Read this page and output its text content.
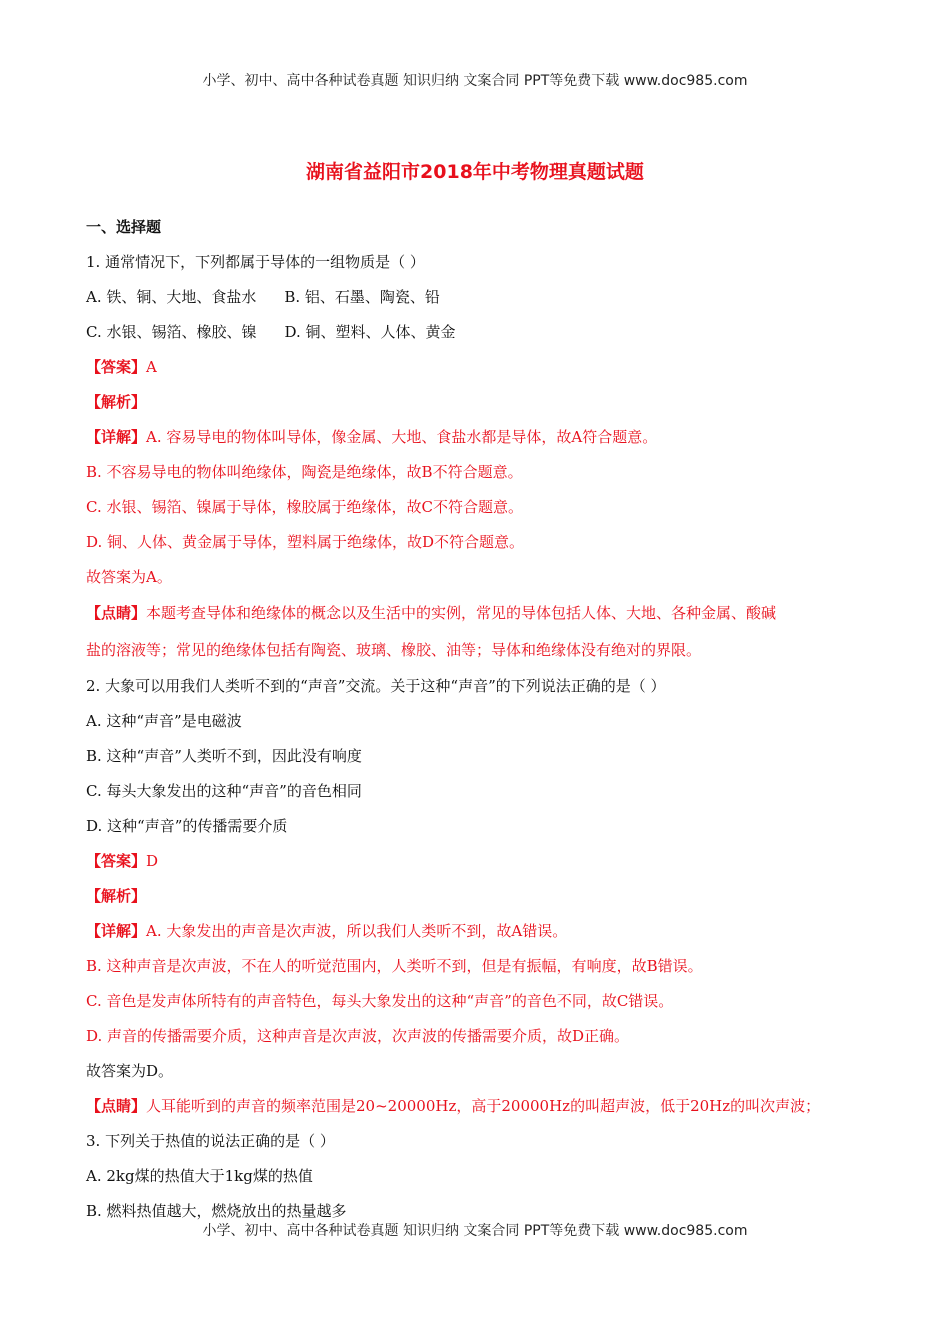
小学、初中、高中各种试卷真题 知识归纳 文案合同 PPT等免费下载 www.doc985.com
湖南省益阳市2018年中考物理真题试题
一、选择题
1. 通常情况下，下列都属于导体的一组物质是（ ）
A. 铁、铜、大地、食盐水 B. 铝、石墨、陶瓷、铅
C. 水银、锡箔、橡胶、镍 D. 铜、塑料、人体、黄金
【答案】A
【解析】
【详解】A. 容易导电的物体叫导体，像金属、大地、食盐水都是导体，故A符合题意。
B. 不容易导电的物体叫绝缘体，陶瓷是绝缘体，故B不符合题意。
C. 水银、锡箔、镍属于导体，橡胶属于绝缘体，故C不符合题意。
D. 铜、人体、黄金属于导体，塑料属于绝缘体，故D不符合题意。
故答案为A。
【点睛】本题考查导体和绝缘体的概念以及生活中的实例，常见的导体包括人体、大地、各种金属、酸碱
盐的溶液等；常见的绝缘体包括有陶瓷、玻璃、橡胶、油等；导体和绝缘体没有绝对的界限。
2. 大象可以用我们人类听不到的“声音”交流。关于这种“声音”的下列说法正确的是（ ）
A. 这种“声音”是电磁波
B. 这种“声音”人类听不到，因此没有响度
C. 每头大象发出的这种“声音”的音色相同
D. 这种“声音”的传播需要介质
【答案】D
【解析】
【详解】A. 大象发出的声音是次声波，所以我们人类听不到，故A错误。
B. 这种声音是次声波，不在人的听觉范围内，人类听不到，但是有振幅，有响度，故B错误。
C. 音色是发声体所特有的声音特色，每头大象发出的这种“声音”的音色不同，故C错误。
D. 声音的传播需要介质，这种声音是次声波，次声波的传播需要介质，故D正确。
故答案为D。
【点睛】人耳能听到的声音的频率范围是20~20000Hz，高于20000Hz的叫超声波，低于20Hz的叫次声波；
3. 下列关于热值的说法正确的是（ ）
A. 2kg煤的热值大于1kg煤的热值
B. 燃料热值越大，燃烧放出的热量越多
小学、初中、高中各种试卷真题 知识归纳 文案合同 PPT等免费下载 www.doc985.com
